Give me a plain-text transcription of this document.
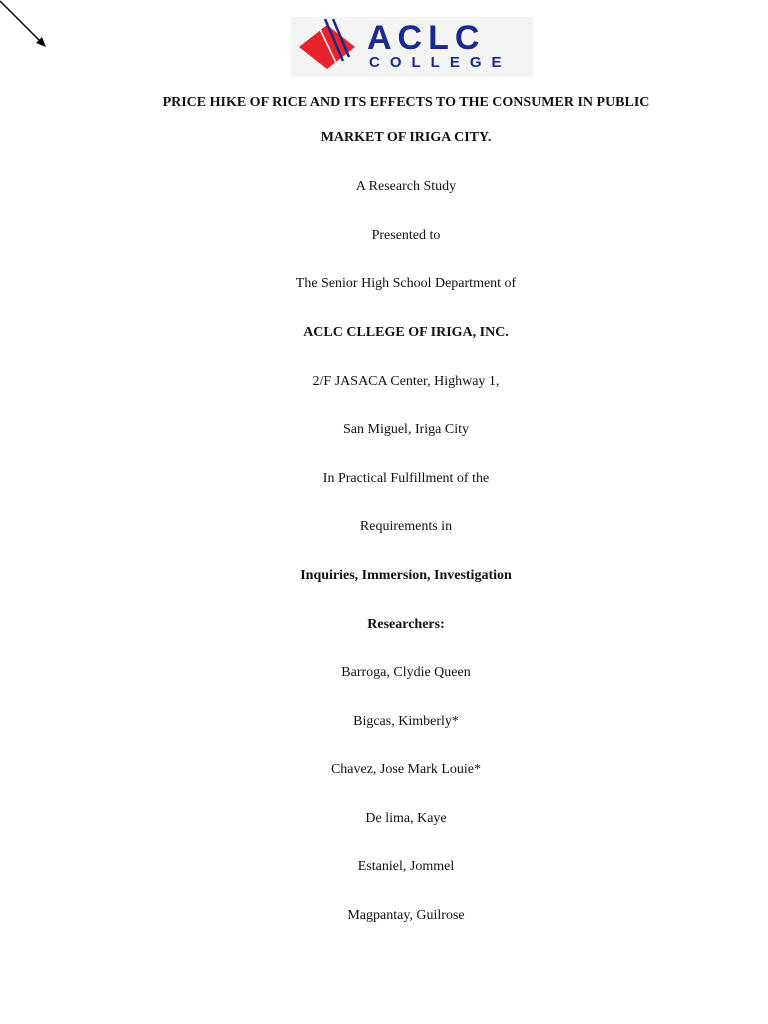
ACLC
COLLEGE
PRICE HIKE OF RICE AND ITS EFFECTS TO THE CONSUMER IN PUBLIC
MARKET OF IRIGA CITY.
A Research Study
Presented to
The Senior High School Department of
ACLC CLLEGE OF IRIGA, INC.
2/F JASACA Center, Highway 1,
San Miguel, Iriga City
In Practical Fulfillment of the
Requirements in
Inquiries, Immersion, Investigation
Researchers:
Barroga, Clydie Queen
Bigcas, Kimberly*
Chavez, Jose Mark Louie*
De lima, Kaye
Estaniel, Jommel
Magpantay, Guilrose
